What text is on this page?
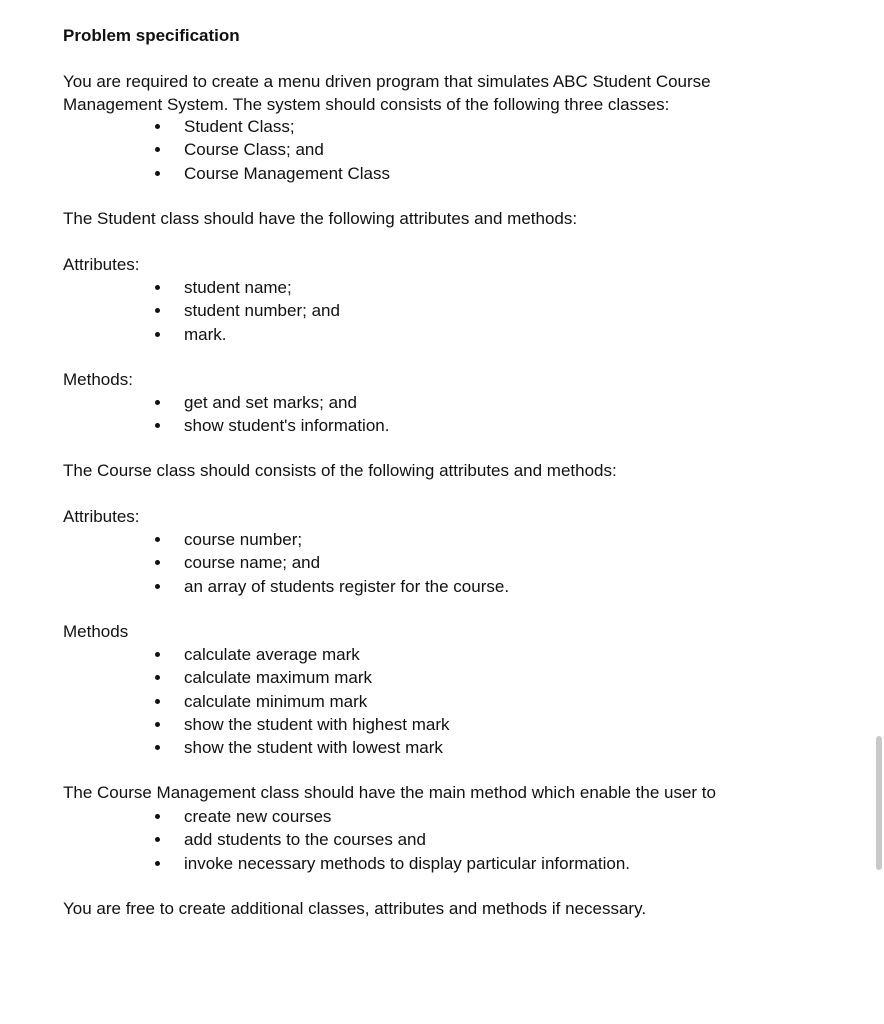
Problem specification

You are required to create a menu driven program that simulates ABC Student Course
Management System. The system should consists of the following three classes:

Student Class;
Course Class; and
Course Management Class

The Student class should have the following attributes and methods:

Attributes:

student name;
student number; and
mark.

Methods:

get and set marks; and
show student's information.

The Course class should consists of the following attributes and methods:

Attributes:

course number;
course name; and
an array of students register for the course.

Methods

calculate average mark
calculate maximum mark
calculate minimum mark
show the student with highest mark
show the student with lowest mark

The Course Management class should have the main method which enable the user to

create new courses
add students to the courses and
invoke necessary methods to display particular information.

You are free to create additional classes, attributes and methods if necessary.
